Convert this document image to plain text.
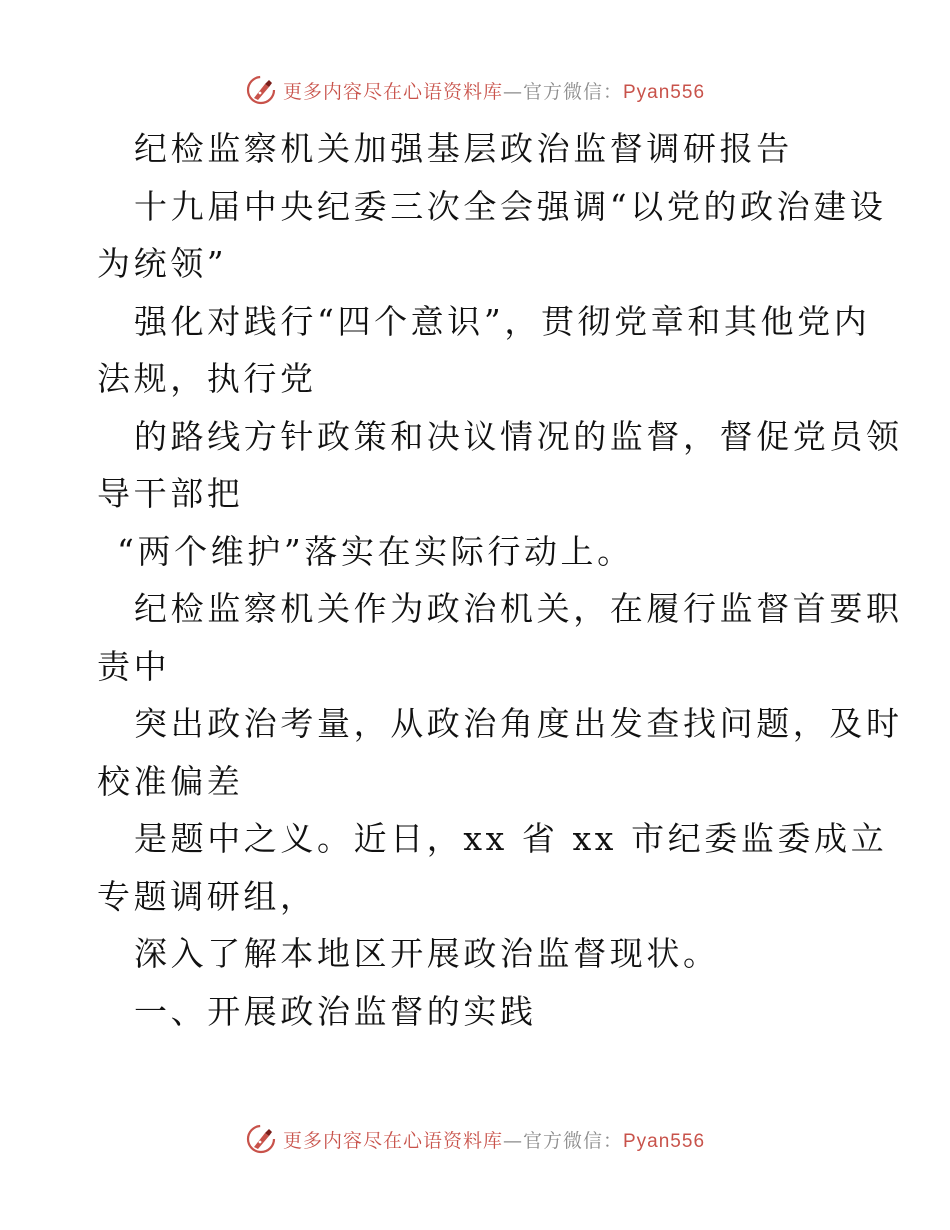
更多内容尽在心语资料库—官方微信：Pyan556
纪检监察机关加强基层政治监督调研报告
十九届中央纪委三次全会强调“以党的政治建设
为统领”
强化对践行“四个意识”，贯彻党章和其他党内
法规，执行党
的路线方针政策和决议情况的监督，督促党员领
导干部把
“两个维护”落实在实际行动上。
纪检监察机关作为政治机关，在履行监督首要职
责中
突出政治考量，从政治角度出发查找问题，及时
校准偏差
是题中之义。近日，xx 省 xx 市纪委监委成立
专题调研组，
深入了解本地区开展政治监督现状。
一、开展政治监督的实践
更多内容尽在心语资料库—官方微信：Pyan556
